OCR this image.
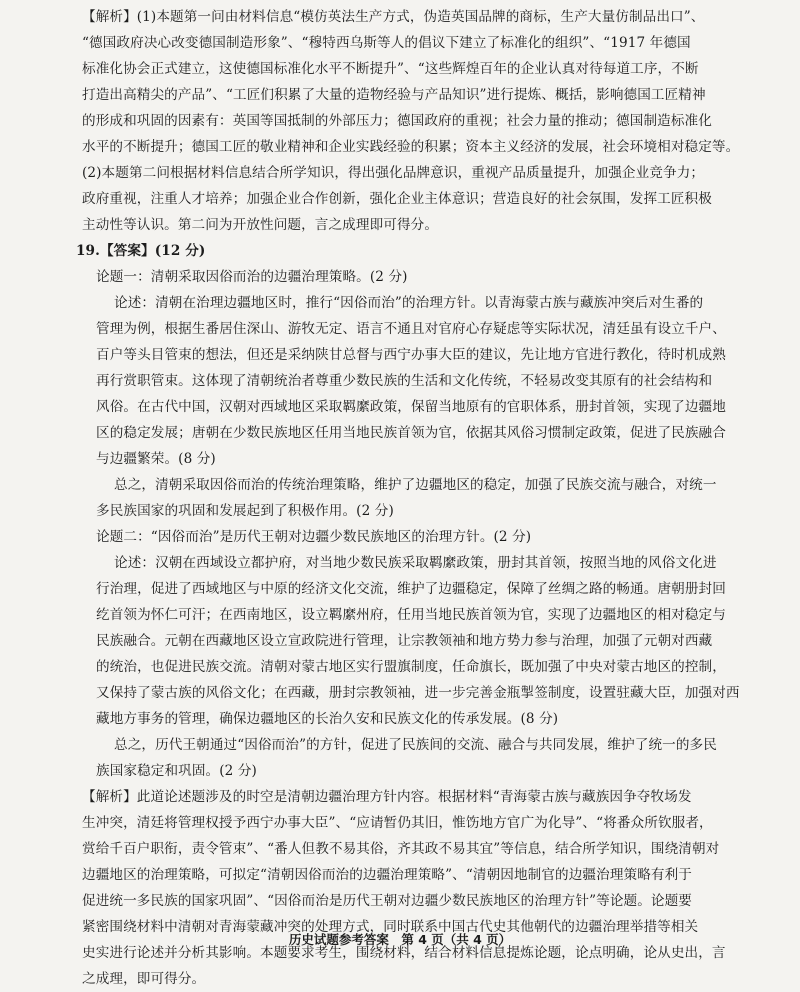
【解析】(1)本题第一问由材料信息“模仿英法生产方式，伪造英国品牌的商标，生产大量仿制品出口”、
“德国政府决心改变德国制造形象”、“穆特西乌斯等人的倡议下建立了标准化的组织”、“1917 年德国
标准化协会正式建立，这使德国标准化水平不断提升”、“这些辉煌百年的企业认真对待每道工序，不断
打造出高精尖的产品”、“工匠们积累了大量的造物经验与产品知识”进行提炼、概括，影响德国工匠精神
的形成和巩固的因素有：英国等国抵制的外部压力；德国政府的重视；社会力量的推动；德国制造标准化
水平的不断提升；德国工匠的敬业精神和企业实践经验的积累；资本主义经济的发展，社会环境相对稳定等。
(2)本题第二问根据材料信息结合所学知识，得出强化品牌意识，重视产品质量提升，加强企业竞争力；
政府重视，注重人才培养；加强企业合作创新，强化企业主体意识；营造良好的社会氛围，发挥工匠积极
主动性等认识。第二问为开放性问题，言之成理即可得分。
19.【答案】(12 分)
论题一：清朝采取因俗而治的边疆治理策略。(2 分)
论述：清朝在治理边疆地区时，推行“因俗而治”的治理方针。以青海蒙古族与藏族冲突后对生番的
管理为例，根据生番居住深山、游牧无定、语言不通且对官府心存疑虑等实际状况，清廷虽有设立千户、
百户等头目管束的想法，但还是采纳陕甘总督与西宁办事大臣的建议，先让地方官进行教化，待时机成熟
再行赏职管束。这体现了清朝统治者尊重少数民族的生活和文化传统，不轻易改变其原有的社会结构和
风俗。在古代中国，汉朝对西域地区采取羁縻政策，保留当地原有的官职体系，册封首领，实现了边疆地
区的稳定发展；唐朝在少数民族地区任用当地民族首领为官，依据其风俗习惯制定政策，促进了民族融合
与边疆繁荣。(8 分)
总之，清朝采取因俗而治的传统治理策略，维护了边疆地区的稳定，加强了民族交流与融合，对统一
多民族国家的巩固和发展起到了积极作用。(2 分)
论题二：“因俗而治”是历代王朝对边疆少数民族地区的治理方针。(2 分)
论述：汉朝在西域设立都护府，对当地少数民族采取羁縻政策，册封其首领，按照当地的风俗文化进
行治理，促进了西域地区与中原的经济文化交流，维护了边疆稳定，保障了丝绸之路的畅通。唐朝册封回
纥首领为怀仁可汗；在西南地区，设立羁縻州府，任用当地民族首领为官，实现了边疆地区的相对稳定与
民族融合。元朝在西藏地区设立宣政院进行管理，让宗教领袖和地方势力参与治理，加强了元朝对西藏
的统治，也促进民族交流。清朝对蒙古地区实行盟旗制度，任命旗长，既加强了中央对蒙古地区的控制，
又保持了蒙古族的风俗文化；在西藏，册封宗教领袖，进一步完善金瓶掣签制度，设置驻藏大臣，加强对西
藏地方事务的管理，确保边疆地区的长治久安和民族文化的传承发展。(8 分)
总之，历代王朝通过“因俗而治”的方针，促进了民族间的交流、融合与共同发展，维护了统一的多民
族国家稳定和巩固。(2 分)
【解析】此道论述题涉及的时空是清朝边疆治理方针内容。根据材料“青海蒙古族与藏族因争夺牧场发
生冲突，清廷将管理权授予西宁办事大臣”、“应请暂仍其旧，惟饬地方官广为化导”、“将番众所钦服者，
赏给千百户职衔，责令管束”、“番人但教不易其俗，齐其政不易其宜”等信息，结合所学知识，围绕清朝对
边疆地区的治理策略，可拟定“清朝因俗而治的边疆治理策略”、“清朝因地制官的边疆治理策略有利于
促进统一多民族的国家巩固”、“因俗而治是历代王朝对边疆少数民族地区的治理方针”等论题。论题要
紧密围绕材料中清朝对青海蒙藏冲突的处理方式，同时联系中国古代史其他朝代的边疆治理举措等相关
史实进行论述并分析其影响。本题要求考生，围绕材料，结合材料信息提炼论题，论点明确，论从史出，言
之成理，即可得分。
历史试题参考答案　第 4 页（共 4 页）
